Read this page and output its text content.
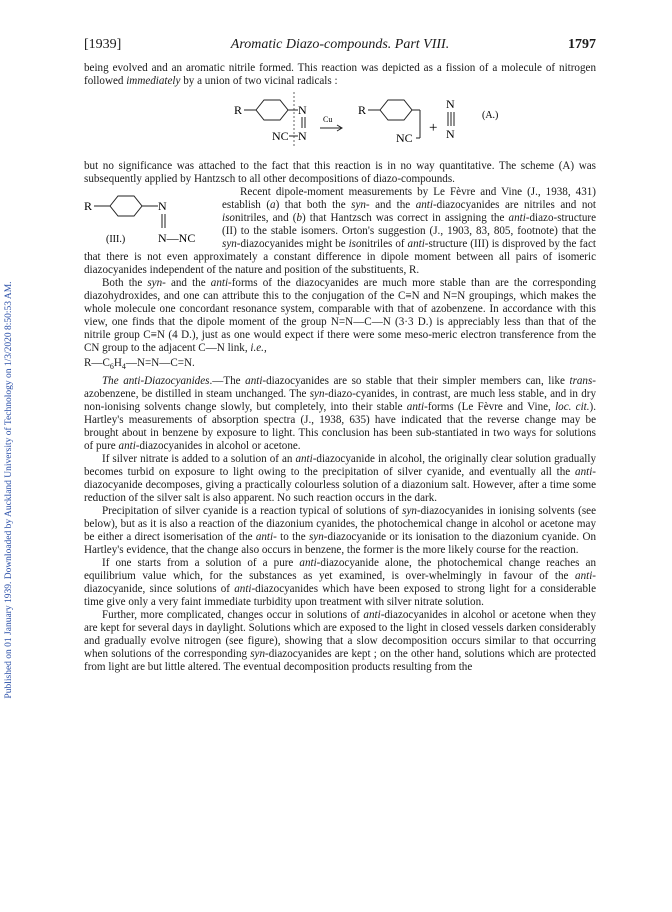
Published on 01 January 1939. Downloaded by Auckland University of Technology on 1/3/2020 8:50:53 AM.
[1939]	Aromatic Diazo-compounds. Part VIII.	1797

being evolved and an aromatic nitrile formed. This reaction was depicted as a fission of a molecule of nitrogen followed immediately by a union of two vicinal radicals :

R	N
NC N
Cu
R
NC
+
N
N
(A.)

but no significance was attached to the fact that this reaction is in no way quantitative. The scheme (A) was subsequently applied by Hantzsch to all other decompositions of diazo-compounds.

R	N
N—NC
(III.)

Recent dipole-moment measurements by Le Fèvre and Vine (J., 1938, 431) establish (a) that both the syn- and the anti-diazocyanides are nitriles and not isonitriles, and (b) that Hantzsch was correct in assigning the anti-diazo-structure (II) to the stable isomers. Orton's suggestion (J., 1903, 83, 805, footnote) that the syn-diazocyanides might be isonitriles of anti-structure (III) is disproved by the fact that there is not even approximately a constant difference in dipole moment between all pairs of isomeric diazocyanides independent of the nature and position of the substituents, R.

Both the syn- and the anti-forms of the diazocyanides are much more stable than are the corresponding diazohydroxides, and one can attribute this to the conjugation of the C≡N and N=N groupings, which makes the whole molecule one concordant resonance system, comparable with that of azobenzene. In accordance with this view, one finds that the dipole moment of the group N=N—C—N (3·3 D.) is appreciably less than that of the nitrile group C≡N (4 D.), just as one would expect if there were some meso-meric electron transference from the CN group to the adjacent C—N link, i.e.,

$R—C_6H_4—N=N—C=N$.

The anti-Diazocyanides.—The anti-diazocyanides are so stable that their simpler members can, like trans-azobenzene, be distilled in steam unchanged. The syn-diazo-cyanides, in contrast, are much less stable, and in dry non-ionising solvents change slowly, but completely, into their stable anti-forms (Le Fèvre and Vine, loc. cit.). Hartley's measurements of absorption spectra (J., 1938, 635) have indicated that the reverse change may be brought about in benzene by exposure to light. This conclusion has been sub-stantiated in two ways for solutions of pure anti-diazocyanides in alcohol or acetone.

If silver nitrate is added to a solution of an anti-diazocyanide in alcohol, the originally clear solution gradually becomes turbid on exposure to light owing to the precipitation of silver cyanide, and eventually all the anti-diazocyanide decomposes, giving a practically colourless solution of a diazonium salt. However, after a time some reduction of the silver salt is also apparent. No such reaction occurs in the dark.

Precipitation of silver cyanide is a reaction typical of solutions of syn-diazocyanides in ionising solvents (see below), but as it is also a reaction of the diazonium cyanides, the photochemical change in alcohol or acetone may be either a direct isomerisation of the anti- to the syn-diazocyanide or its ionisation to the diazonium cyanide. On Hartley's evidence, that the change also occurs in benzene, the former is the more likely course for the reaction.

If one starts from a solution of a pure anti-diazocyanide alone, the photochemical change reaches an equilibrium value which, for the substances as yet examined, is over-whelmingly in favour of the anti-diazocyanide, since solutions of anti-diazocyanides which have been exposed to strong light for a considerable time give only a very faint immediate turbidity upon treatment with silver nitrate solution.

Further, more complicated, changes occur in solutions of anti-diazocyanides in alcohol or acetone when they are kept for several days in daylight. Solutions which are exposed to the light in closed vessels darken considerably and gradually evolve nitrogen (see figure), showing that a slow decomposition occurs similar to that occurring when solutions of the corresponding syn-diazocyanides are kept ; on the other hand, solutions which are protected from light are but little altered. The eventual decomposition products resulting from the
